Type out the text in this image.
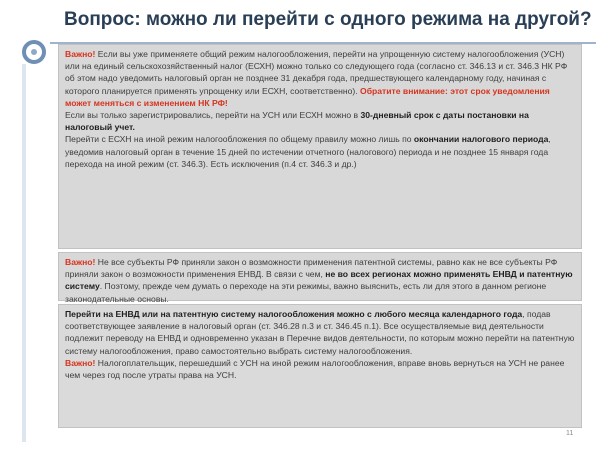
Вопрос: можно ли перейти с одного режима на другой?
Важно! Если вы уже применяете общий режим налогообложения, перейти на упрощенную систему налогообложения (УСН) или на единый сельскохозяйственный налог (ЕСХН) можно только со следующего года (согласно ст. 346.13 и ст. 346.3 НК РФ об этом надо уведомить налоговый орган не позднее 31 декабря года, предшествующего календарному году, начиная с которого планируется применять упрощенку или ЕСХН, соответственно). Обратите внимание: этот срок уведомления может меняться с изменением НК РФ!
Если вы только зарегистрировались, перейти на УСН или ЕСХН можно в 30-дневный срок с даты постановки на налоговый учет.
Перейти с ЕСХН на иной режим налогообложения по общему правилу можно лишь по окончании налогового периода, уведомив налоговый орган в течение 15 дней по истечении отчетного (налогового) периода и не позднее 15 января года перехода на иной режим (ст. 346.3). Есть исключения (п.4 ст. 346.3 и др.)
Важно! Не все субъекты РФ приняли закон о возможности применения патентной системы, равно как не все субъекты РФ приняли закон о возможности применения ЕНВД. В связи с чем, не во всех регионах можно применять ЕНВД и патентную систему. Поэтому, прежде чем думать о переходе на эти режимы, важно выяснить, есть ли для этого в данном регионе законодательные основы.
Перейти на ЕНВД или на патентную систему налогообложения можно с любого месяца календарного года, подав соответствующее заявление в налоговый орган (ст. 346.28 п.3 и ст. 346.45 п.1). Все осуществляемые вид деятельности подлежит переводу на ЕНВД и одновременно указан в Перечне видов деятельности, по которым можно перейти на патентную систему налогообложения, право самостоятельно выбрать систему налогообложения.
Важно! Налогоплательщик, перешедший с УСН на иной режим налогообложения, вправе вновь вернуться на УСН не ранее чем через год после утраты права на УСН.
11
